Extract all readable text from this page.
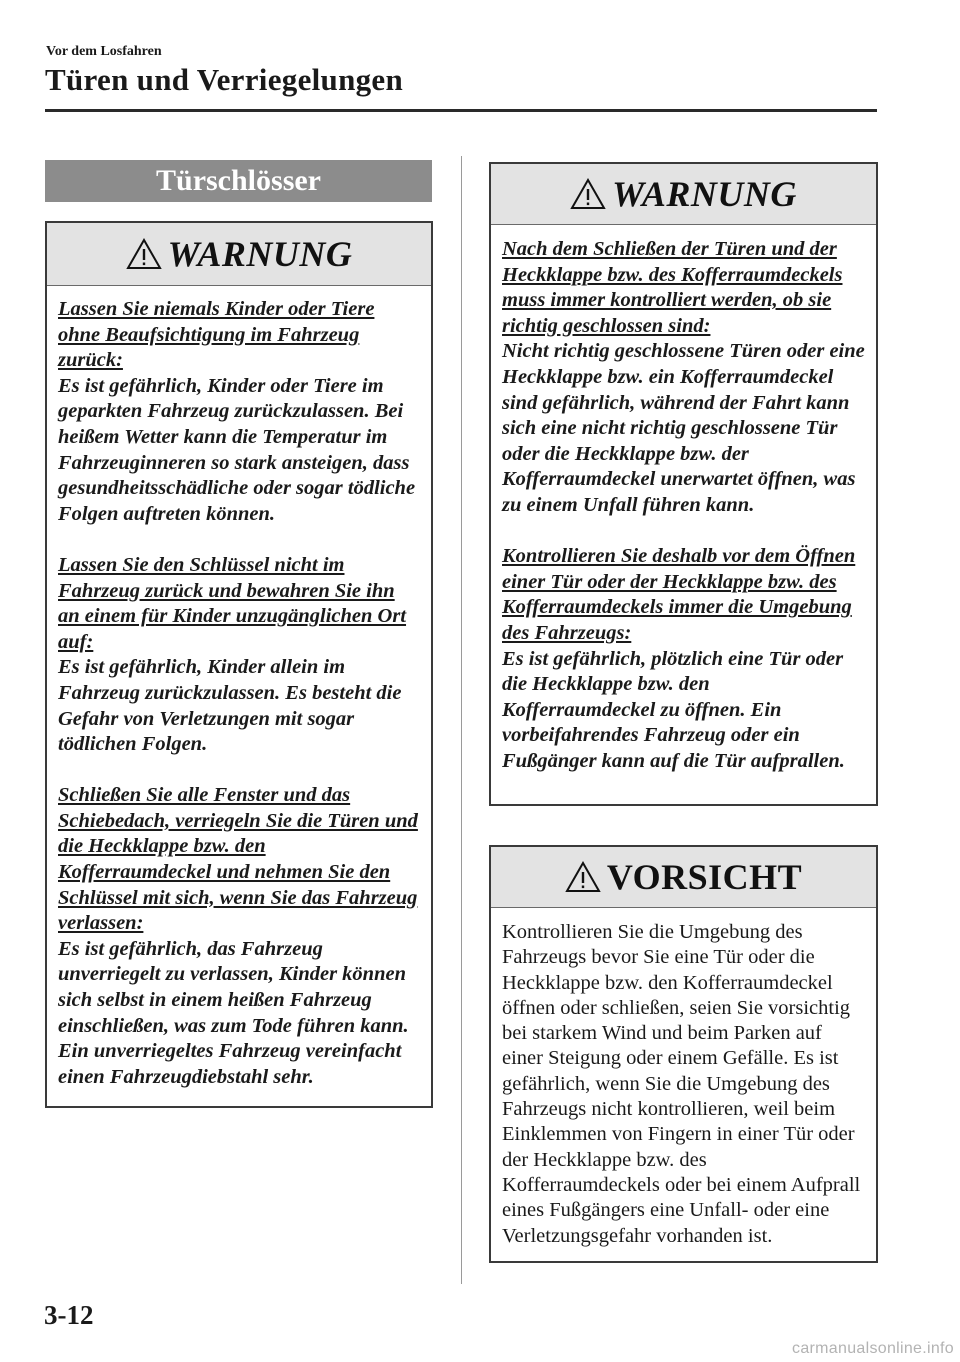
Vor dem Losfahren
Türen und Verriegelungen
Türschlösser
WARNUNG

Lassen Sie niemals Kinder oder Tiere ohne Beaufsichtigung im Fahrzeug zurück:
Es ist gefährlich, Kinder oder Tiere im geparkten Fahrzeug zurückzulassen. Bei heißem Wetter kann die Temperatur im Fahrzeuginneren so stark ansteigen, dass gesundheitsschädliche oder sogar tödliche Folgen auftreten können.

Lassen Sie den Schlüssel nicht im Fahrzeug zurück und bewahren Sie ihn an einem für Kinder unzugänglichen Ort auf:
Es ist gefährlich, Kinder allein im Fahrzeug zurückzulassen. Es besteht die Gefahr von Verletzungen mit sogar tödlichen Folgen.

Schließen Sie alle Fenster und das Schiebedach, verriegeln Sie die Türen und die Heckklappe bzw. den Kofferraumdeckel und nehmen Sie den Schlüssel mit sich, wenn Sie das Fahrzeug verlassen:
Es ist gefährlich, das Fahrzeug unverriegelt zu verlassen, Kinder können sich selbst in einem heißen Fahrzeug einschließen, was zum Tode führen kann. Ein unverriegeltes Fahrzeug vereinfacht einen Fahrzeugdiebstahl sehr.

WARNUNG

Nach dem Schließen der Türen und der Heckklappe bzw. des Kofferraumdeckels muss immer kontrolliert werden, ob sie richtig geschlossen sind:
Nicht richtig geschlossene Türen oder eine Heckklappe bzw. ein Kofferraumdeckel sind gefährlich, während der Fahrt kann sich eine nicht richtig geschlossene Tür oder die Heckklappe bzw. der Kofferraumdeckel unerwartet öffnen, was zu einem Unfall führen kann.

Kontrollieren Sie deshalb vor dem Öffnen einer Tür oder der Heckklappe bzw. des Kofferraumdeckels immer die Umgebung des Fahrzeugs:
Es ist gefährlich, plötzlich eine Tür oder die Heckklappe bzw. den Kofferraumdeckel zu öffnen. Ein vorbeifahrendes Fahrzeug oder ein Fußgänger kann auf die Tür aufprallen.

VORSICHT

Kontrollieren Sie die Umgebung des Fahrzeugs bevor Sie eine Tür oder die Heckklappe bzw. den Kofferraumdeckel öffnen oder schließen, seien Sie vorsichtig bei starkem Wind und beim Parken auf einer Steigung oder einem Gefälle. Es ist gefährlich, wenn Sie die Umgebung des Fahrzeugs nicht kontrollieren, weil beim Einklemmen von Fingern in einer Tür oder der Heckklappe bzw. des Kofferraumdeckels oder bei einem Aufprall eines Fußgängers eine Unfall- oder eine Verletzungsgefahr vorhanden ist.

3-12
carmanualsonline.info
